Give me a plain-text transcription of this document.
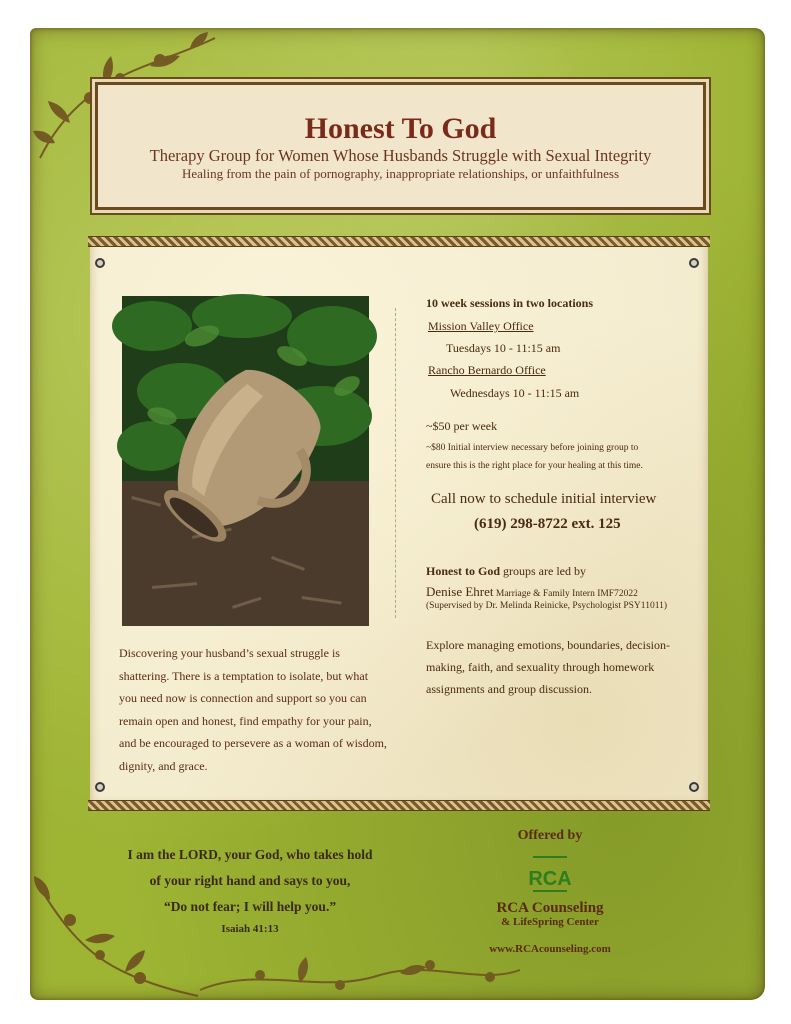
Honest To God
Therapy Group for Women Whose Husbands Struggle with Sexual Integrity
Healing from the pain of pornography, inappropriate relationships, or unfaithfulness
Discovering your husband’s sexual struggle is shattering. There is a temptation to isolate, but what you need now is connection and support so you can remain open and honest, find empathy for your pain, and be encouraged to persevere as a woman of wisdom, dignity, and grace.
10 week sessions in two locations
Mission Valley Office
Tuesdays 10 - 11:15 am
Rancho Bernardo Office
Wednesdays 10 - 11:15 am
~$50 per week
~$80 Initial interview necessary before joining group to
ensure this is the right place for your healing at this time.
Call now to schedule initial interview
(619) 298-8722 ext. 125
Honest to God groups are led by
Denise Ehret Marriage & Family Intern IMF72022
(Supervised by Dr. Melinda Reinicke, Psychologist PSY11011)
Explore managing emotions, boundaries, decision-making, faith, and sexuality through homework assignments and group discussion.
I am the LORD, your God, who takes hold
of your right hand and says to you,
“Do not fear; I will help you.”
Isaiah 41:13
Offered by
RCA
RCA Counseling
& LifeSpring Center
www.RCAcounseling.com
